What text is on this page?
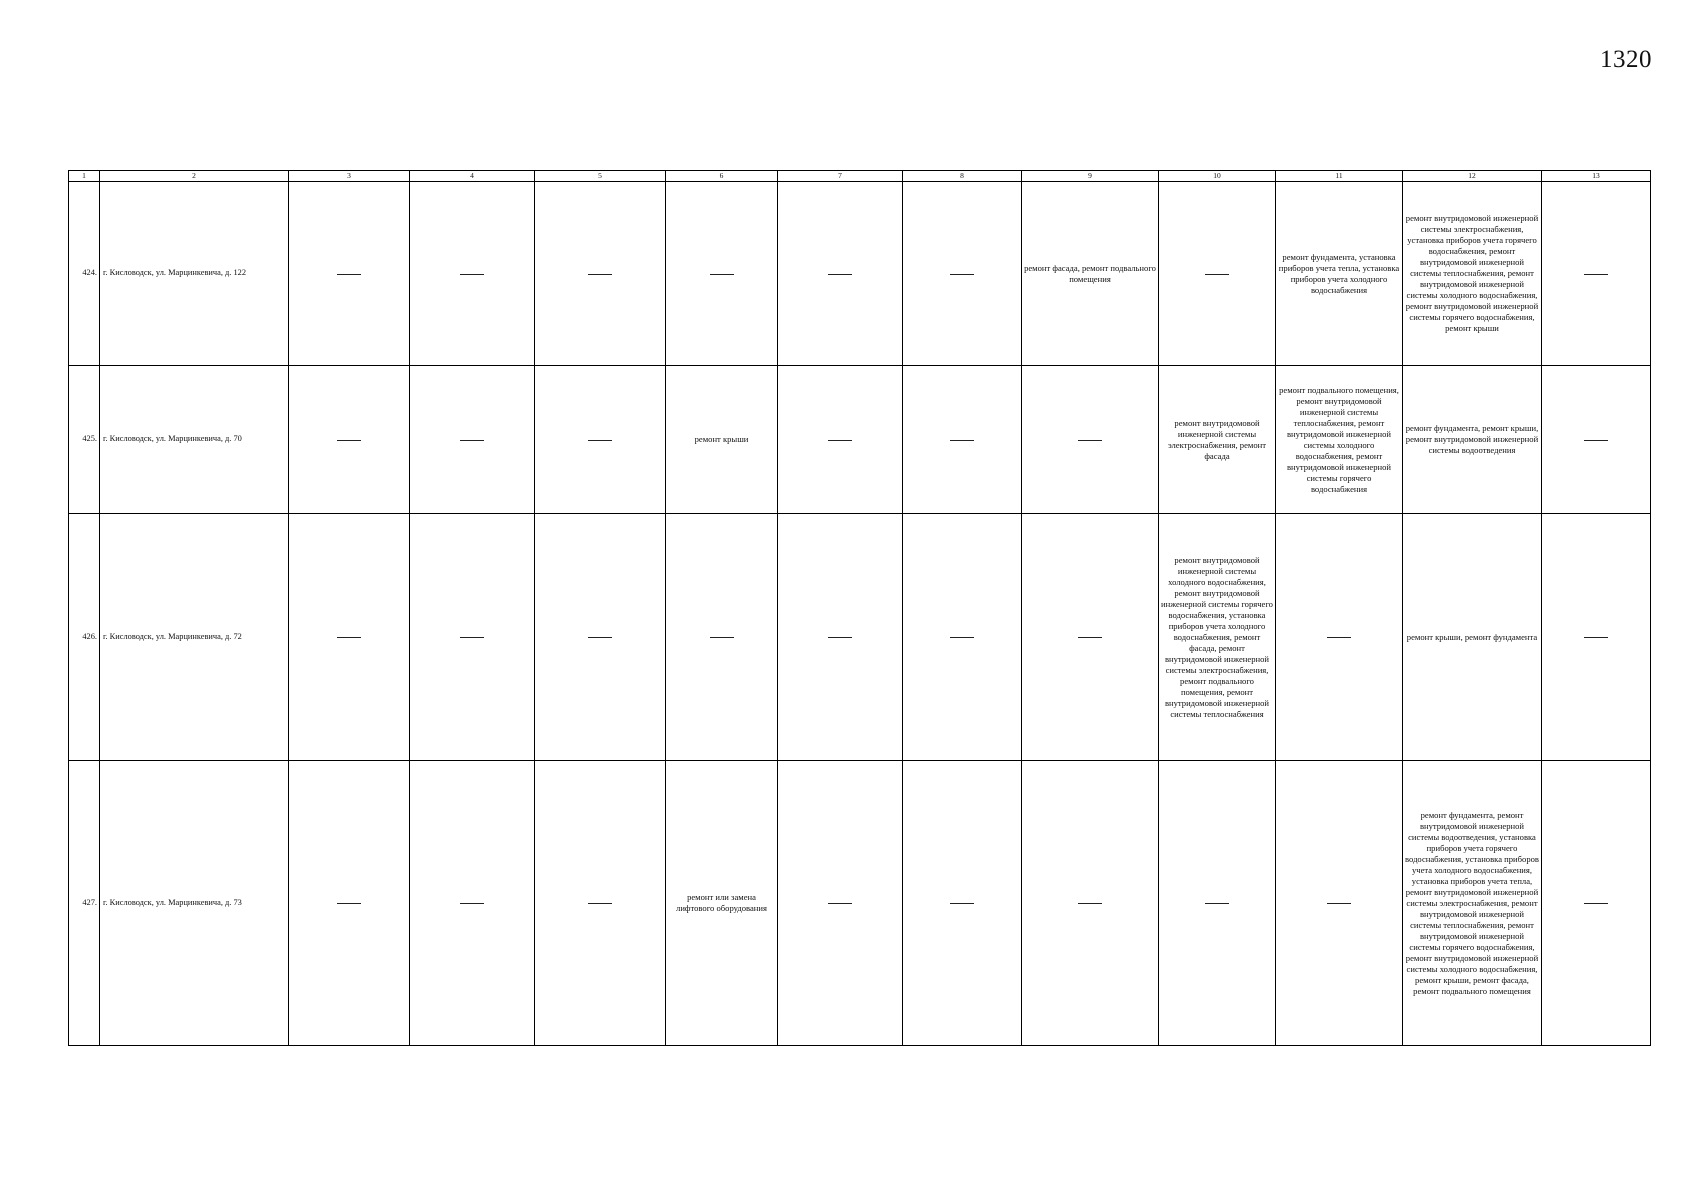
1320
1	2	3	4	5	6	7	8	9	10	11	12	13
424.	г. Кисловодск, ул. Марцинкевича, д. 122							ремонт фасада, ремонт подвального помещения		ремонт фундамента, установка приборов учета тепла, установка приборов учета холодного водоснабжения	ремонт внутридомовой инженерной системы электроснабжения, установка приборов учета горячего водоснабжения, ремонт внутридомовой инженерной системы теплоснабжения, ремонт внутридомовой инженерной системы холодного водоснабжения, ремонт внутридомовой инженерной системы горячего водоснабжения, ремонт крыши	
425.	г. Кисловодск, ул. Марцинкевича, д. 70				ремонт крыши				ремонт внутридомовой инженерной системы электроснабжения, ремонт фасада	ремонт подвального помещения, ремонт внутридомовой инженерной системы теплоснабжения, ремонт внутридомовой инженерной системы холодного водоснабжения, ремонт внутридомовой инженерной системы горячего водоснабжения	ремонт фундамента, ремонт крыши, ремонт внутридомовой инженерной системы водоотведения	
426.	г. Кисловодск, ул. Марцинкевича, д. 72								ремонт внутридомовой инженерной системы холодного водоснабжения, ремонт внутридомовой инженерной системы горячего водоснабжения, установка приборов учета холодного водоснабжения, ремонт фасада, ремонт внутридомовой инженерной системы электроснабжения, ремонт подвального помещения, ремонт внутридомовой инженерной системы теплоснабжения		ремонт крыши, ремонт фундамента	
427.	г. Кисловодск, ул. Марцинкевича, д. 73				ремонт или замена лифтового оборудования						ремонт фундамента, ремонт внутридомовой инженерной системы водоотведения, установка приборов учета горячего водоснабжения, установка приборов учета холодного водоснабжения, установка приборов учета тепла, ремонт внутридомовой инженерной системы электроснабжения, ремонт внутридомовой инженерной системы теплоснабжения, ремонт внутридомовой инженерной системы горячего водоснабжения, ремонт внутридомовой инженерной системы холодного водоснабжения, ремонт крыши, ремонт фасада, ремонт подвального помещения	
